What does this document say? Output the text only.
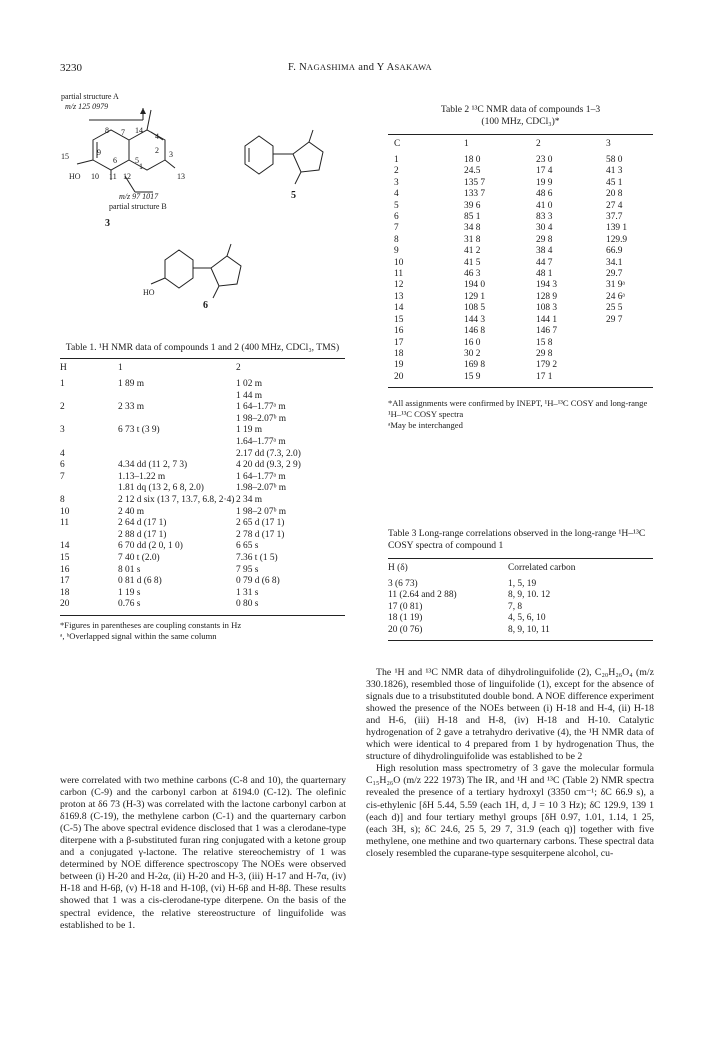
3230	F. NAGASHIMA and Y ASAKAWA
partial structure A
m/z 125 0979
m/z 97 1017
partial structure B
HO
3
5
HO
6
15	9
8 7 14
4
3
2
1
12
11
10	13
5
6
Table 1. ¹H NMR data of compounds 1 and 2 (400 MHz, CDCl₃, TMS)
H	1	2
1	1 89 m	1 02 m
		1 44 m
2	2 33 m	1 64–1.77ᵃ m
		1 98–2.07ᵇ m
3	6 73 t (3 9)	1 19 m
		1.64–1.77ᵃ m
4		2.17 dd (7.3, 2.0)
6	4.34 dd (11 2, 7 3)	4 20 dd (9.3, 2 9)
7	1.13–1.22 m	1 64–1.77ᵃ m
	1.81 dq (13 2, 6 8, 2.0)	1.98–2.07ᵇ m
8	2 12 d six (13 7, 13.7, 6.8, 2·4)	2 34 m
10	2 40 m	1 98–2 07ᵇ m
11	2 64 d (17 1)	2 65 d (17 1)
	2 88 d (17 1)	2 78 d (17 1)
14	6 70 dd (2 0, 1 0)	6 65 s
15	7 40 t (2.0)	7.36 t (1 5)
16	8 01 s	7 95 s
17	0 81 d (6 8)	0 79 d (6 8)
18	1 19 s	1 31 s
20	0.76 s	0 80 s
*Figures in parentheses are coupling constants in Hz
ᵃ, ᵇOverlapped signal within the same column
Table 2 ¹³C NMR data of compounds 1–3
(100 MHz, CDCl₃)*
C	1	2	3
1	18 0	23 0	58 0
2	24.5	17 4	41 3
3	135 7	19 9	45 1
4	133 7	48 6	20 8
5	39 6	41 0	27 4
6	85 1	83 3	37.7
7	34 8	30 4	139 1
8	31 8	29 8	129.9
9	41 2	38 4	66.9
10	41 5	44 7	34.1
11	46 3	48 1	29.7
12	194 0	194 3	31 9ᵃ
13	129 1	128 9	24 6ᵃ
14	108 5	108 3	25 5
15	144 3	144 1	29 7
16	146 8	146 7	
17	16 0	15 8	
18	30 2	29 8	
19	169 8	179 2	
20	15 9	17 1	
*All assignments were confirmed by INEPT, ¹H–¹³C COSY and long-range ¹H–¹³C COSY spectra
ᵃMay be interchanged
Table 3 Long-range correlations observed in the long-range ¹H–¹³C COSY spectra of compound 1
H (δ)	Correlated carbon
3 (6 73)	1, 5, 19
11 (2.64 and 2 88)	8, 9, 10. 12
17 (0 81)	7, 8
18 (1 19)	4, 5, 6, 10
20 (0 76)	8, 9, 10, 11

were correlated with two methine carbons (C-8 and 10), the quarternary carbon (C-9) and the carbonyl carbon at δ194.0 (C-12). The olefinic proton at δ6 73 (H-3) was correlated with the lactone carbonyl carbon at δ169.8 (C-19), the methylene carbon (C-1) and the quarternary carbon (C-5) The above spectral evidence disclosed that 1 was a clerodane-type diterpene with a β-substituted furan ring conjugated with a ketone group and a conjugated γ-lactone. The relative stereochemistry of 1 was determined by NOE difference spectroscopy The NOEs were observed between (i) H-20 and H-2α, (ii) H-20 and H-3, (iii) H-17 and H-7α, (iv) H-18 and H-6β, (v) H-18 and H-10β, (vi) H-6β and H-8β. These results showed that 1 was a cis-clerodane-type diterpene. On the basis of the spectral evidence, the relative stereostructure of linguifolide was established to be 1.

The ¹H and ¹³C NMR data of dihydrolinguifolide (2), C₂₀H₂₆O₄ (m/z 330.1826), resembled those of linguifolide (1), except for the absence of signals due to a trisubstituted double bond. A NOE difference experiment showed the presence of the NOEs between (i) H-18 and H-4, (ii) H-18 and H-6, (iii) H-18 and H-8, (iv) H-18 and H-10. Catalytic hydrogenation of 2 gave a tetrahydro derivative (4), the ¹H NMR data of which were identical to 4 prepared from 1 by hydrogenation Thus, the structure of dihydrolinguifolide was established to be 2

High resolution mass spectrometry of 3 gave the molecular formula C₁₅H₂₆O (m/z 222 1973) The IR, and ¹H and ¹³C (Table 2) NMR spectra revealed the presence of a tertiary hydroxyl (3350 cm⁻¹; δC 66.9 s), a cis-ethylenic [δH 5.44, 5.59 (each 1H, d, J = 10 3 Hz); δC 129.9, 139 1 (each d)] and four tertiary methyl groups [δH 0.97, 1.01, 1.14, 1 25, (each 3H, s); δC 24.6, 25 5, 29 7, 31.9 (each q)] together with five methylene, one methine and two quarternary carbons. These spectral data closely resembled the cuparane-type sesquiterpene alcohol, cu-
